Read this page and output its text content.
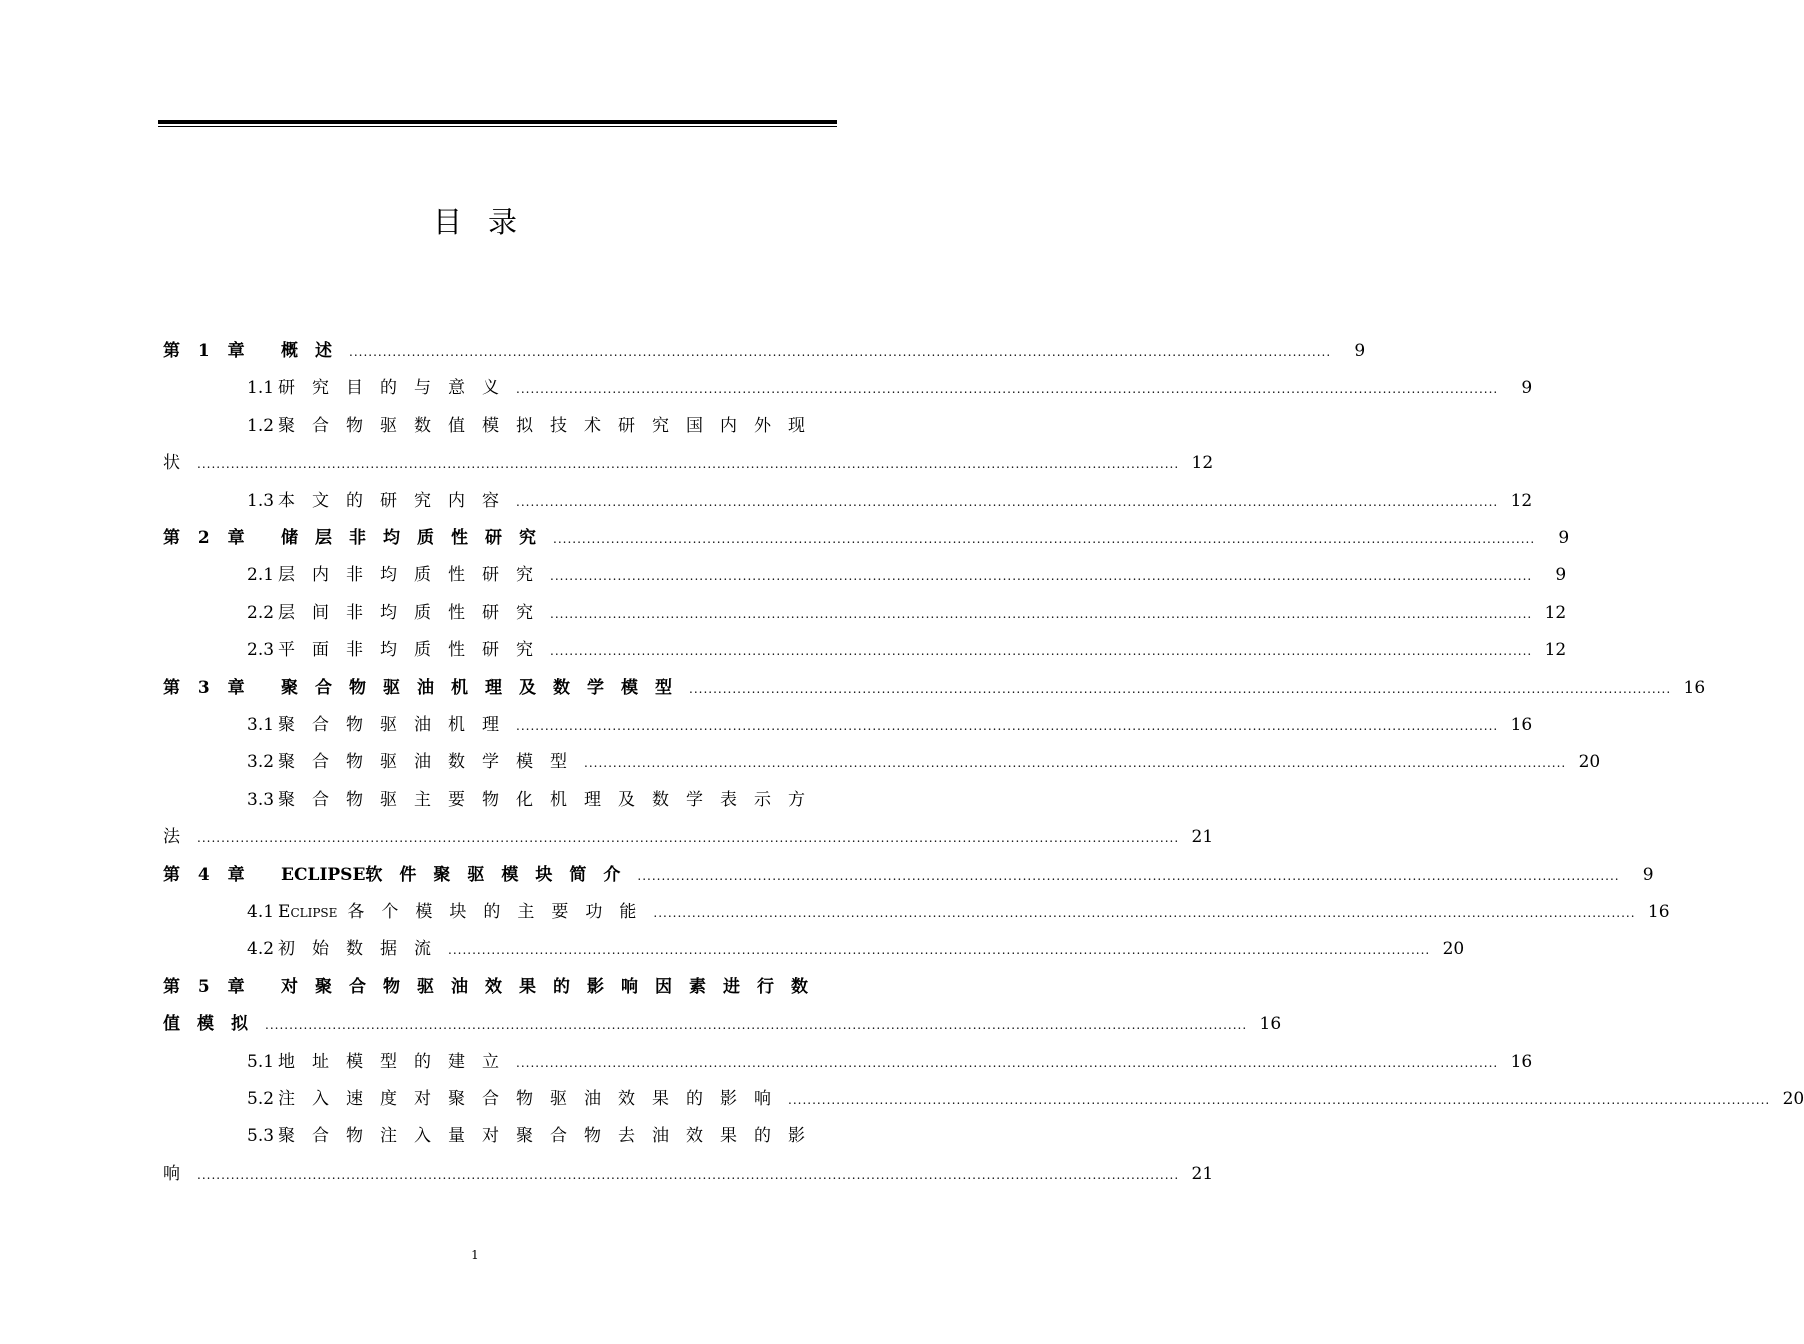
目录
第 1 章 概述 ............................................................................................................................................................................................................	9
1.1 研究目的与意义 ............................................................................................................................................................................................................	9
1.2 聚合物驱数值模拟技术研究国内外现
状 ............................................................................................................................................................................................................ 12
1.3 本文的研究内容 ............................................................................................................................................................................................................ 12
第 2 章 储层非均质性研究 ............................................................................................................................................................................................................	9
2.1 层内非均质性研究 ............................................................................................................................................................................................................	9
2.2 层间非均质性研究 ............................................................................................................................................................................................................ 12
2.3 平面非均质性研究 ............................................................................................................................................................................................................ 12
第 3 章 聚合物驱油机理及数学模型 ............................................................................................................................................................................................................ 16
3.1 聚合物驱油机理 ............................................................................................................................................................................................................ 16
3.2 聚合物驱油数学模型 ............................................................................................................................................................................................................ 20
3.3 聚合物驱主要物化机理及数学表示方
法 ............................................................................................................................................................................................................ 21
第 4 章 ECLIPSE 软件聚驱模块简介 ............................................................................................................................................................................................................	9
4.1 Eclipse 各个模块的主要功能 ............................................................................................................................................................................................................ 16
4.2 初始数据流 ............................................................................................................................................................................................................ 20
第 5 章 对聚合物驱油效果的影响因素进行数
值模拟 ............................................................................................................................................................................................................ 16
5.1 地址模型的建立 ............................................................................................................................................................................................................ 16
5.2 注入速度对聚合物驱油效果的影响 ............................................................................................................................................................................................................ 20
5.3 聚合物注入量对聚合物去油效果的影
响 ............................................................................................................................................................................................................ 21
1
